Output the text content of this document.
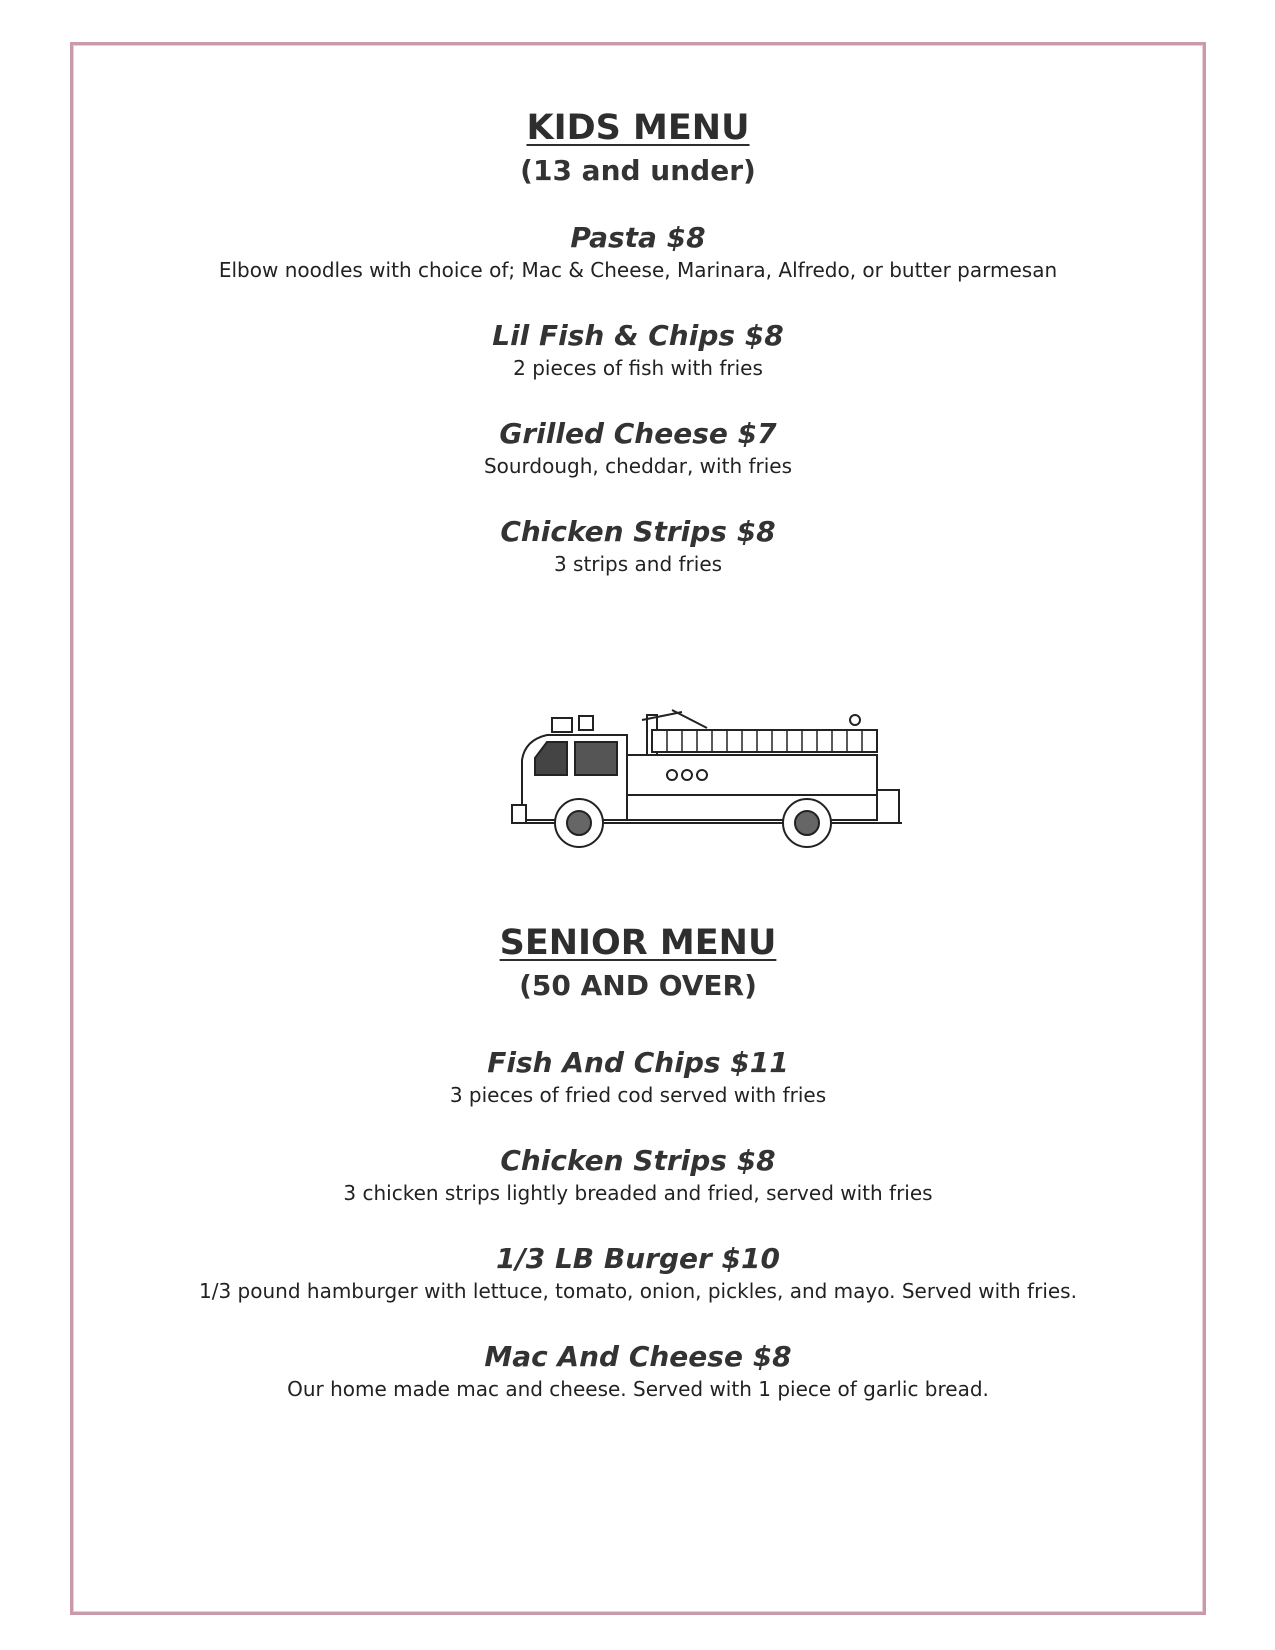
KIDS MENU
(13 and under)
Pasta $8
Elbow noodles with choice of; Mac & Cheese, Marinara, Alfredo, or butter parmesan
Lil Fish & Chips $8
2 pieces of fish with fries
Grilled Cheese $7
Sourdough, cheddar, with fries
Chicken Strips $8
3 strips and fries
SENIOR MENU
(50 AND OVER)
Fish And Chips $11
3 pieces of fried cod served with fries
Chicken Strips $8
3 chicken strips lightly breaded and fried, served with fries
1/3 LB Burger $10
1/3 pound hamburger with lettuce, tomato, onion, pickles, and mayo. Served with fries.
Mac And Cheese $8
Our home made mac and cheese. Served with 1 piece of garlic bread.
